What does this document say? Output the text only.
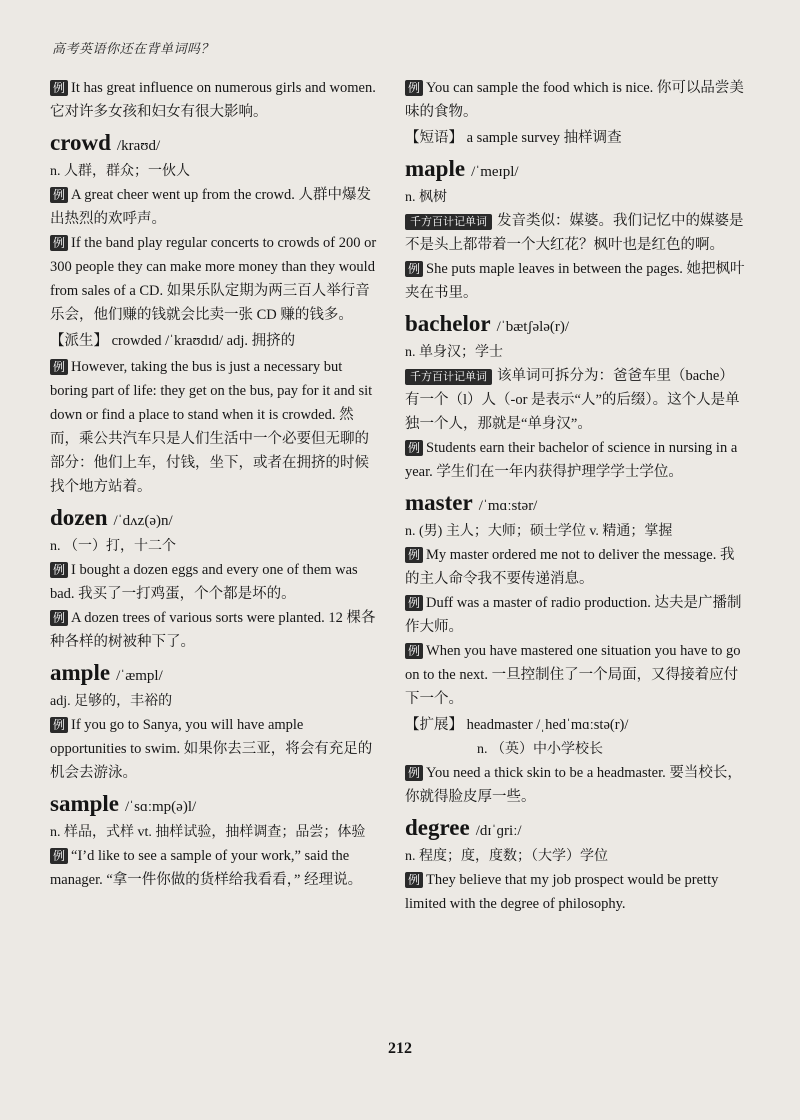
高考英语你还在背单词吗？

例 It has great influence on numerous girls and women. 它对许多女孩和妇女有很大影响。

crowd /kraʊd/

n. 人群，群众；一伙人

例 A great cheer went up from the crowd. 人群中爆发出热烈的欢呼声。

例 If the band play regular concerts to crowds of 200 or 300 people they can make more money than they would from sales of a CD. 如果乐队定期为两三百人举行音乐会，他们赚的钱就会比卖一张 CD 赚的钱多。

【派生】 crowded /ˈkraʊdɪd/ adj. 拥挤的

例 However, taking the bus is just a necessary but boring part of life: they get on the bus, pay for it and sit down or find a place to stand when it is crowded. 然而，乘公共汽车只是人们生活中一个必要但无聊的部分：他们上车，付钱，坐下，或者在拥挤的时候找个地方站着。

dozen /ˈdʌz(ə)n/

n. （一）打，十二个

例 I bought a dozen eggs and every one of them was bad. 我买了一打鸡蛋，个个都是坏的。

例 A dozen trees of various sorts were planted. 12 棵各种各样的树被种下了。

ample /ˈæmpl/

adj. 足够的，丰裕的

例 If you go to Sanya, you will have ample opportunities to swim. 如果你去三亚，将会有充足的机会去游泳。

sample /ˈsɑːmp(ə)l/

n. 样品，式样 vt. 抽样试验，抽样调查；品尝；体验

例 “I’d like to see a sample of your work,” said the manager. “拿一件你做的货样给我看看，” 经理说。

例 You can sample the food which is nice. 你可以品尝美味的食物。

【短语】 a sample survey 抽样调查

maple /ˈmeɪpl/

n. 枫树

千方百计记单词 发音类似：媒婆。我们记忆中的媒婆是不是头上都带着一个大红花？枫叶也是红色的啊。

例 She puts maple leaves in between the pages. 她把枫叶夹在书里。

bachelor /ˈbætʃələ(r)/

n. 单身汉；学士

千方百计记单词 该单词可拆分为：爸爸车里（bache）有一个（l）人（-or 是表示“人”的后缀）。这个人是单独一个人，那就是“单身汉”。

例 Students earn their bachelor of science in nursing in a year. 学生们在一年内获得护理学学士学位。

master /ˈmɑːstər/

n. (男) 主人；大师；硕士学位 v. 精通；掌握

例 My master ordered me not to deliver the message. 我的主人命令我不要传递消息。

例 Duff was a master of radio production. 达夫是广播制作大师。

例 When you have mastered one situation you have to go on to the next. 一旦控制住了一个局面，又得接着应付下一个。

【扩展】 headmaster /ˌhedˈmɑːstə(r)/

n. （英）中小学校长

例 You need a thick skin to be a headmaster. 要当校长，你就得脸皮厚一些。

degree /dɪˈɡriː/

n. 程度；度，度数；（大学）学位

例 They believe that my job prospect would be pretty limited with the degree of philosophy.

212
